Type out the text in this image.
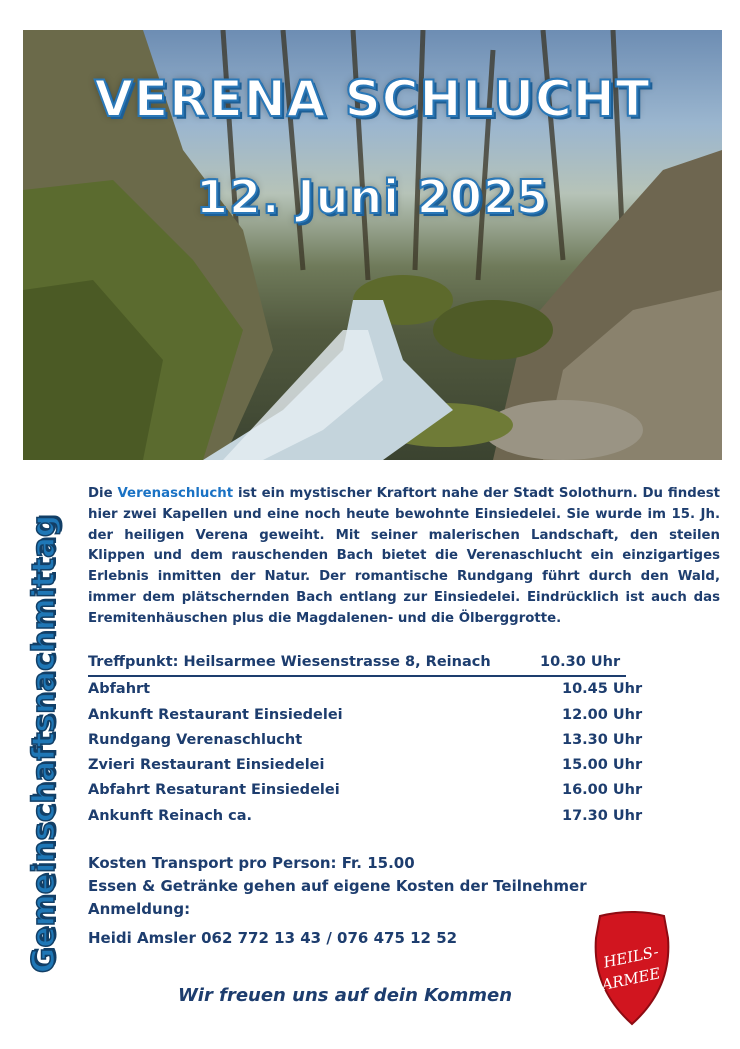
VERENA SCHLUCHT
12. Juni 2025
Gemeinschaftsnachmittag
Die Verenaschlucht ist ein mystischer Kraftort nahe der Stadt Solothurn. Du findest hier zwei Kapellen und eine noch heute bewohnte Einsiedelei. Sie wurde im 15. Jh. der heiligen Verena geweiht. Mit seiner malerischen Landschaft, den steilen Klippen und dem rauschenden Bach bietet die Verenaschlucht ein einzigartiges Erlebnis inmitten der Natur. Der romantische Rundgang führt durch den Wald, immer dem plätschernden Bach entlang zur Einsiedelei. Eindrücklich ist auch das Eremitenhäuschen plus die Magdalenen- und die Ölberggrotte.
Treffpunkt: Heilsarmee Wiesenstrasse 8, Reinach	10.30 Uhr
Abfahrt	10.45 Uhr
Ankunft Restaurant Einsiedelei	12.00 Uhr
Rundgang Verenaschlucht	13.30 Uhr
Zvieri Restaurant Einsiedelei	15.00 Uhr
Abfahrt Resaturant Einsiedelei	16.00 Uhr
Ankunft Reinach ca.	17.30 Uhr
Kosten Transport pro Person: Fr. 15.00
Essen & Getränke gehen auf eigene Kosten der Teilnehmer
Anmeldung:
Heidi Amsler 062 772 13 43 / 076 475 12 52
Wir freuen uns auf dein Kommen
HEILS-
ARMEE
